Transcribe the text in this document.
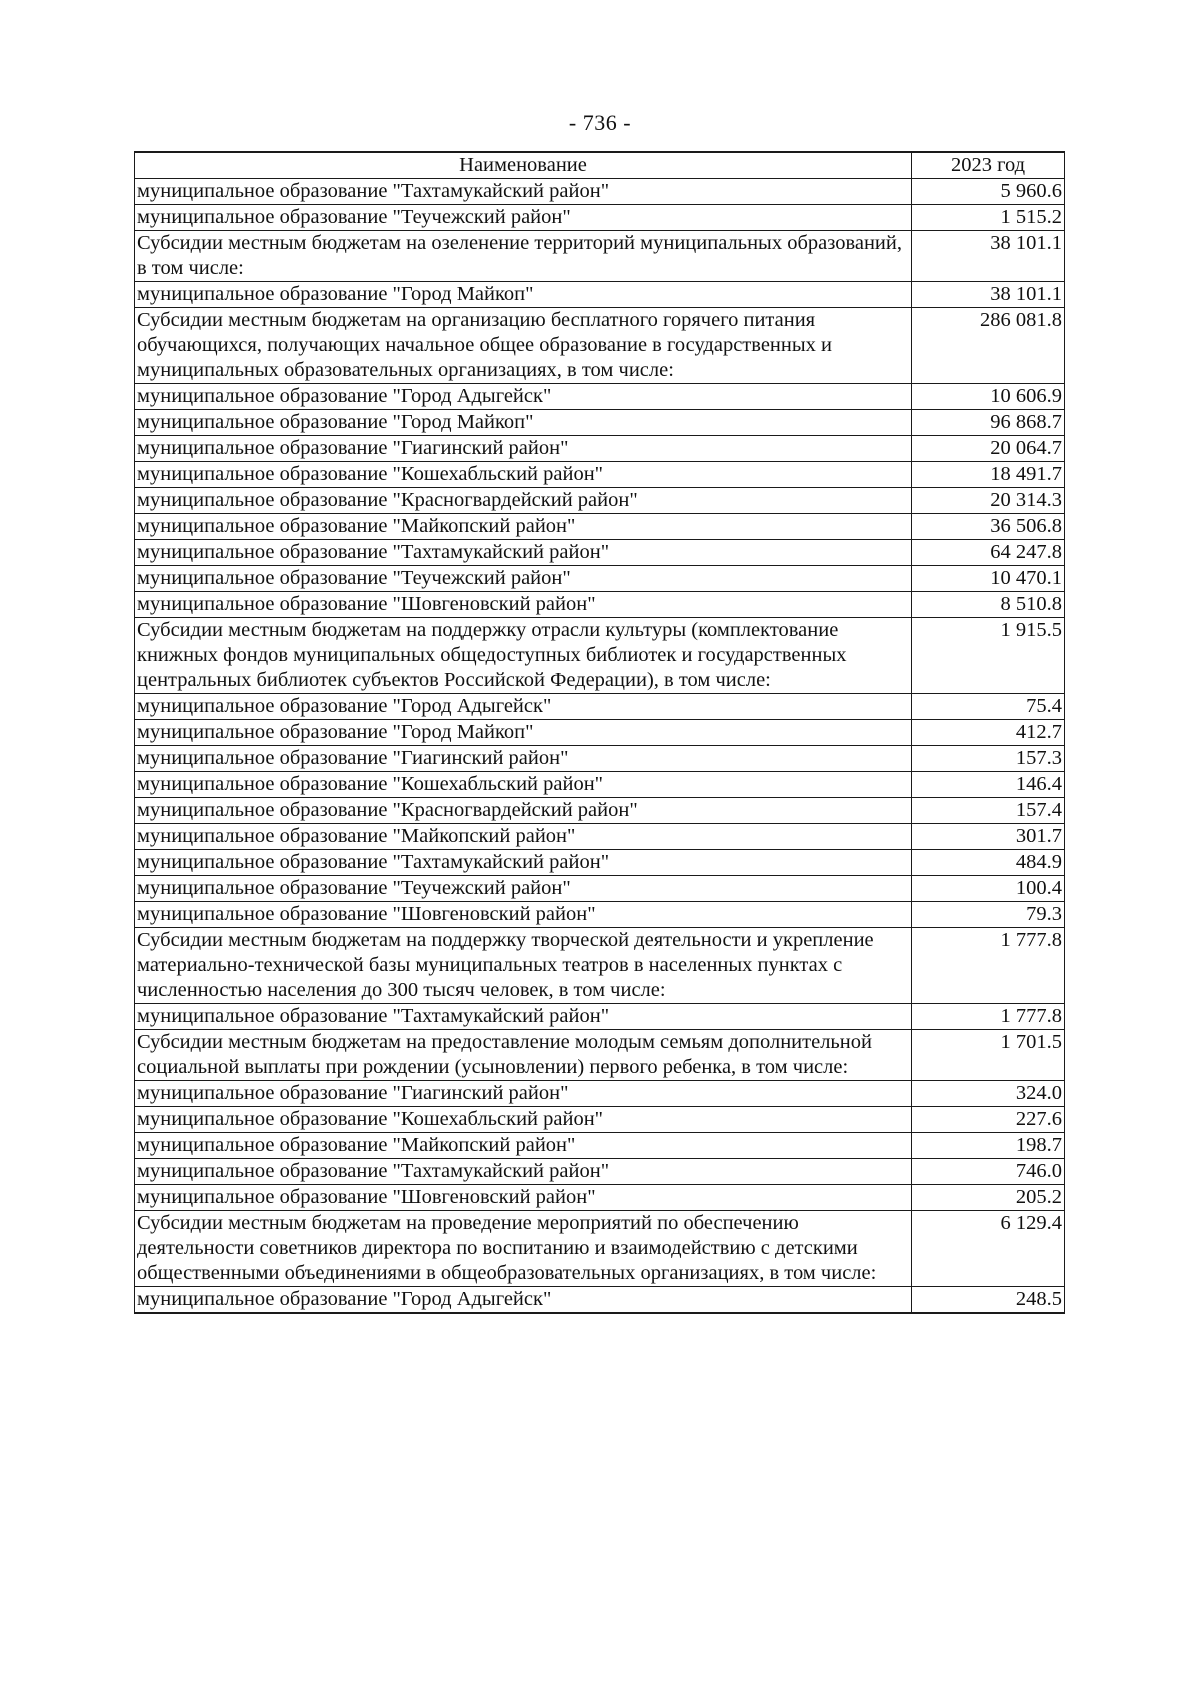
- 736 -
Наименование	2023 год
муниципальное образование "Тахтамукайский район"	5 960.6
муниципальное образование "Теучежский район"	1 515.2
Субсидии местным бюджетам на озеленение территорий муниципальных образований, в том числе:	38 101.1
муниципальное образование "Город Майкоп"	38 101.1
Субсидии местным бюджетам на организацию бесплатного горячего питания обучающихся, получающих начальное общее образование в государственных и муниципальных образовательных организациях, в том числе:	286 081.8
муниципальное образование "Город Адыгейск"	10 606.9
муниципальное образование "Город Майкоп"	96 868.7
муниципальное образование "Гиагинский район"	20 064.7
муниципальное образование "Кошехабльский район"	18 491.7
муниципальное образование "Красногвардейский район"	20 314.3
муниципальное образование "Майкопский район"	36 506.8
муниципальное образование "Тахтамукайский район"	64 247.8
муниципальное образование "Теучежский район"	10 470.1
муниципальное образование "Шовгеновский район"	8 510.8
Субсидии местным бюджетам на поддержку отрасли культуры (комплектование книжных фондов муниципальных общедоступных библиотек и государственных центральных библиотек субъектов Российской Федерации), в том числе:	1 915.5
муниципальное образование "Город Адыгейск"	75.4
муниципальное образование "Город Майкоп"	412.7
муниципальное образование "Гиагинский район"	157.3
муниципальное образование "Кошехабльский район"	146.4
муниципальное образование "Красногвардейский район"	157.4
муниципальное образование "Майкопский район"	301.7
муниципальное образование "Тахтамукайский район"	484.9
муниципальное образование "Теучежский район"	100.4
муниципальное образование "Шовгеновский район"	79.3
Субсидии местным бюджетам на поддержку творческой деятельности и укрепление материально-технической базы муниципальных театров в населенных пунктах с численностью населения до 300 тысяч человек, в том числе:	1 777.8
муниципальное образование "Тахтамукайский район"	1 777.8
Субсидии местным бюджетам на предоставление молодым семьям дополнительной социальной выплаты при рождении (усыновлении) первого ребенка, в том числе:	1 701.5
муниципальное образование "Гиагинский район"	324.0
муниципальное образование "Кошехабльский район"	227.6
муниципальное образование "Майкопский район"	198.7
муниципальное образование "Тахтамукайский район"	746.0
муниципальное образование "Шовгеновский район"	205.2
Субсидии местным бюджетам на проведение мероприятий по обеспечению деятельности советников директора по воспитанию и взаимодействию с детскими общественными объединениями в общеобразовательных организациях, в том числе:	6 129.4
муниципальное образование "Город Адыгейск"	248.5
